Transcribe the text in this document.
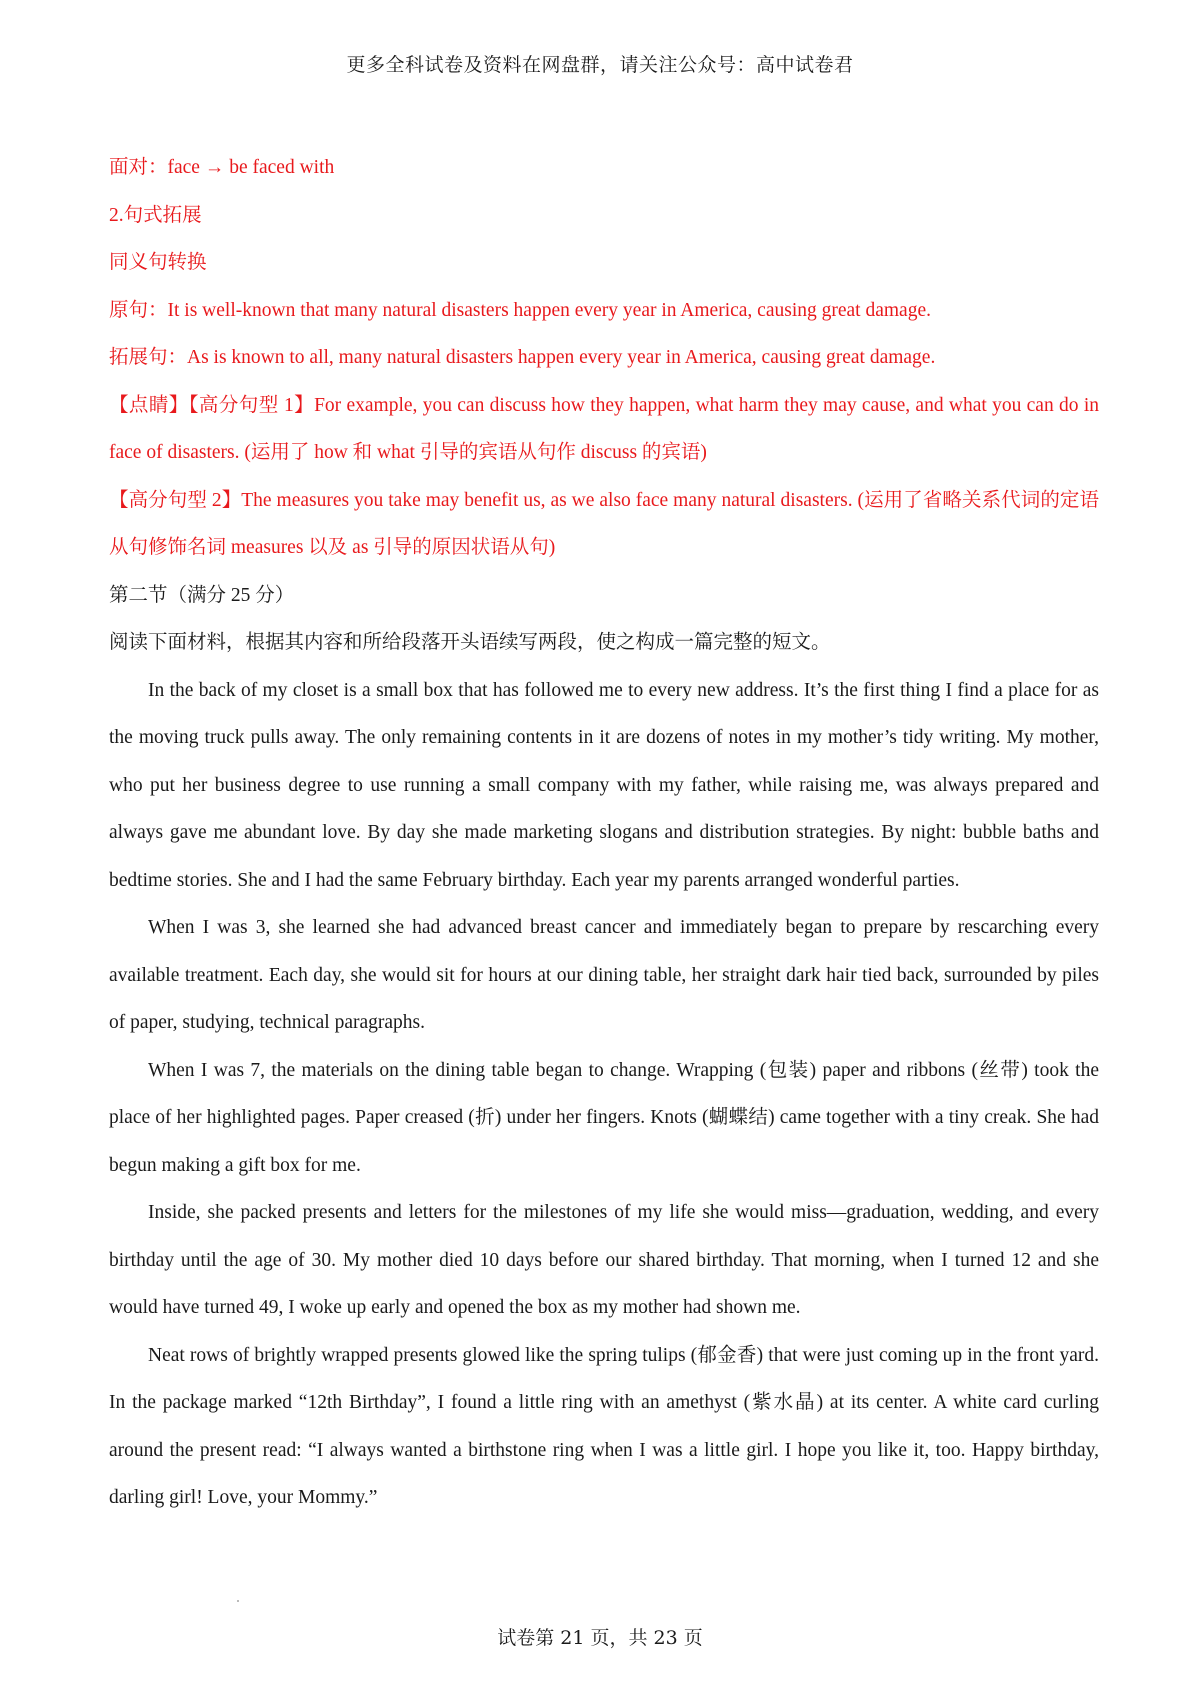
更多全科试卷及资料在网盘群，请关注公众号：高中试卷君

面对：face → be faced with

2.句式拓展

同义句转换

原句：It is well-known that many natural disasters happen every year in America, causing great damage.

拓展句：As is known to all, many natural disasters happen every year in America, causing great damage.

【点睛】【高分句型 1】For example, you can discuss how they happen, what harm they may cause, and what you can do in face of disasters. (运用了 how 和 what 引导的宾语从句作 discuss 的宾语)

【高分句型 2】The measures you take may benefit us, as we also face many natural disasters. (运用了省略关系代词的定语从句修饰名词 measures 以及 as 引导的原因状语从句)

第二节（满分 25 分）

阅读下面材料，根据其内容和所给段落开头语续写两段，使之构成一篇完整的短文。

In the back of my closet is a small box that has followed me to every new address. It’s the first thing I find a place for as the moving truck pulls away. The only remaining contents in it are dozens of notes in my mother’s tidy writing. My mother, who put her business degree to use running a small company with my father, while raising me, was always prepared and always gave me abundant love. By day she made marketing slogans and distribution strategies. By night: bubble baths and bedtime stories. She and I had the same February birthday. Each year my parents arranged wonderful parties.

When I was 3, she learned she had advanced breast cancer and immediately began to prepare by rescarching every available treatment. Each day, she would sit for hours at our dining table, her straight dark hair tied back, surrounded by piles of paper, studying, technical paragraphs.

When I was 7, the materials on the dining table began to change. Wrapping (包装) paper and ribbons (丝带) took the place of her highlighted pages. Paper creased (折) under her fingers. Knots (蝴蝶结) came together with a tiny creak. She had begun making a gift box for me.

Inside, she packed presents and letters for the milestones of my life she would miss—graduation, wedding, and every birthday until the age of 30. My mother died 10 days before our shared birthday. That morning, when I turned 12 and she would have turned 49, I woke up early and opened the box as my mother had shown me.

Neat rows of brightly wrapped presents glowed like the spring tulips (郁金香) that were just coming up in the front yard. In the package marked “12th Birthday”, I found a little ring with an amethyst (紫水晶) at its center. A white card curling around the present read: “I always wanted a birthstone ring when I was a little girl. I hope you like it, too. Happy birthday, darling girl! Love, your Mommy.”

试卷第 21 页，共 23 页
